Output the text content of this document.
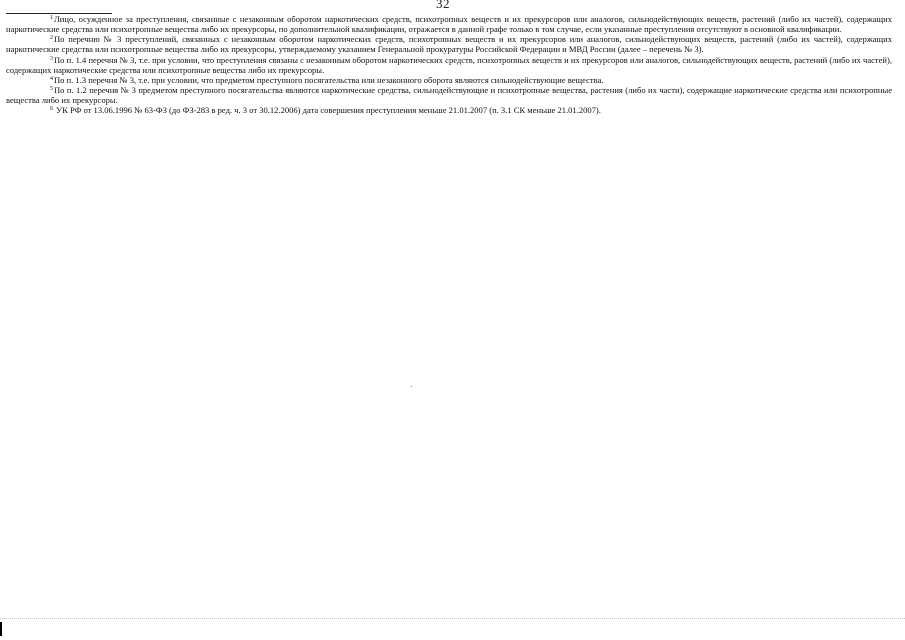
32

$^1$Лицо, осужденное за преступления, связанные с незаконным оборотом наркотических средств, психотропных веществ и их прекурсоров или аналогов, сильнодействующих веществ, растений (либо их частей), содержащих наркотические средства или психотропные вещества либо их прекурсоры, по дополнительной квалификации, отражается в данной графе только в том случае, если указанные преступления отсутствуют в основной квалификации.

$^2$По перечню № 3 преступлений, связанных с незаконным оборотом наркотических средств, психотропных веществ и их прекурсоров или аналогов, сильнодействующих веществ, растений (либо их частей), содержащих наркотические средства или психотропные вещества либо их прекурсоры, утверждаемому указанием Генеральной прокуратуры Российской Федерации и МВД России (далее – перечень № 3).

$^3$По п. 1.4 перечня № 3, т.е. при условии, что преступления связаны с незаконным оборотом наркотических средств, психотропных веществ и их прекурсоров или аналогов, сильнодействующих веществ, растений (либо их частей), содержащих наркотические средства или психотропные вещества либо их прекурсоры.

$^4$По п. 1.3 перечня № 3, т.е. при условии, что предметом преступного посягательства или незаконного оборота являются сильнодействующие вещества.

$^5$По п. 1.2 перечня № 3 предметом преступного посягательства являются наркотические средства, сильнодействующие и психотропные вещества, растения (либо их части), содержащие наркотические средства или психотропные вещества либо их прекурсоры.

$^6$ УК РФ от 13.06.1996 № 63-ФЗ (до ФЗ-283 в ред. ч. 3 от 30.12.2006) дата совершения преступления меньше 21.01.2007 (п. 3.1 СК меньше 21.01.2007).
